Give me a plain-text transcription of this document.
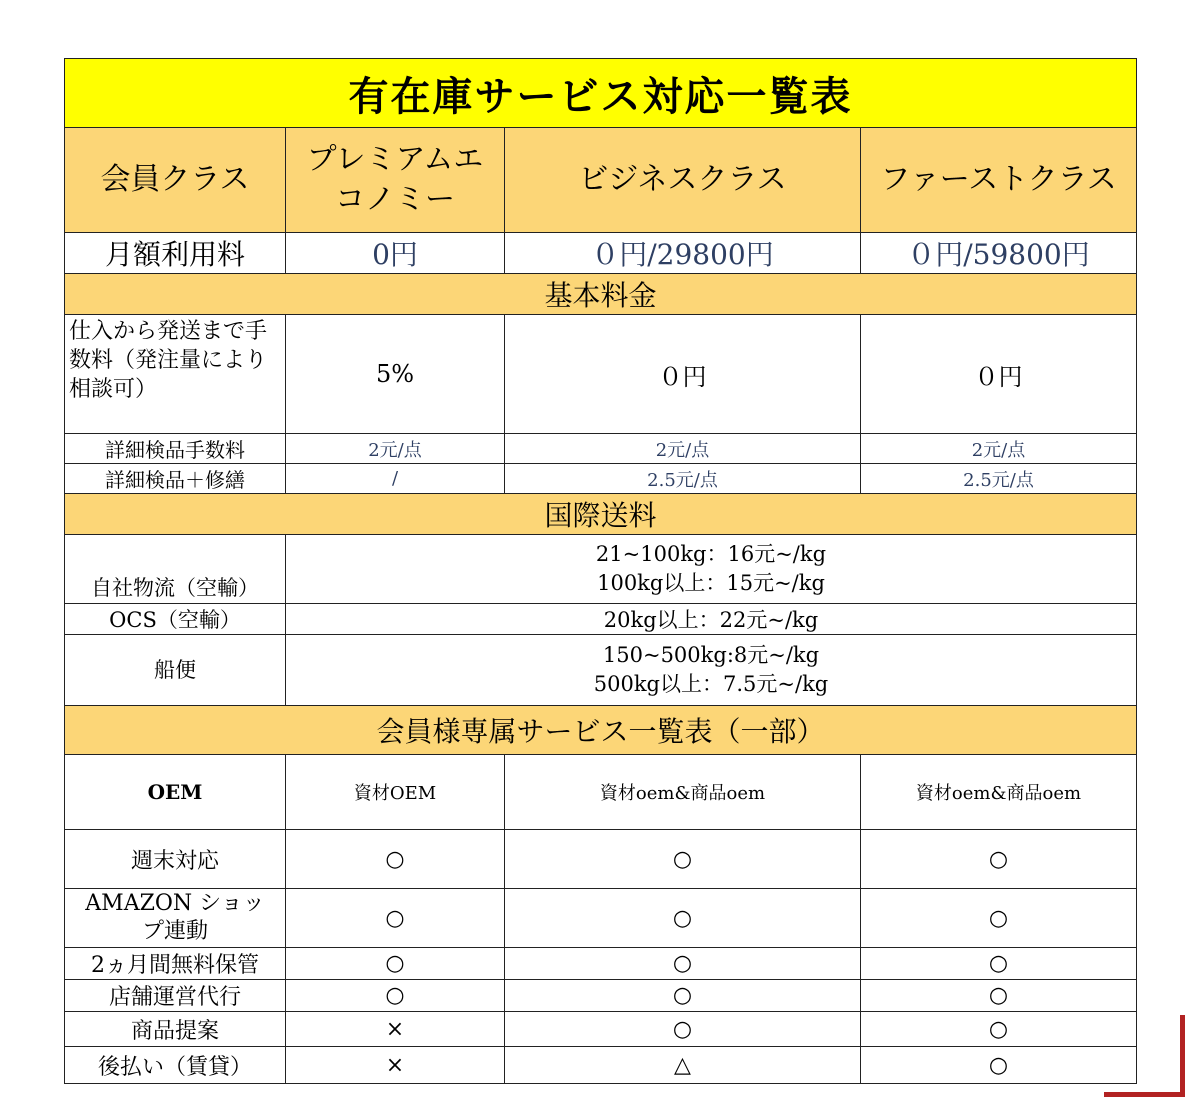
有在庫サービス対応一覧表			
会員クラス	プレミアムエコノミー	ビジネスクラス	ファーストクラス
月額利用料	0円	０円/29800円	０円/59800円
基本料金			
仕入から発送まで手数料（発注量により相談可）	5%	０円	０円
詳細検品手数料	2元/点	2元/点	2元/点
詳細検品＋修繕	/	2.5元/点	2.5元/点
国際送料			
自社物流（空輸）	21~100kg：16元~/kg
100kg以上：15元~/kg		

OCS（空輸）	20kg以上：22元~/kg		

船便	150~500kg:8元~/kg
500kg以上：7.5元~/kg		

会員様専属サービス一覧表（一部）			
OEM	資材OEM	資材oem&商品oem	資材oem&商品oem
週末対応	○	○	○

AMAZON ショップ連動	○	○	○
2ヵ月間無料保管	○	○	○
店舗運営代行	○	○	○
商品提案	×	○	○
後払い（賃貸）	×	△	○
